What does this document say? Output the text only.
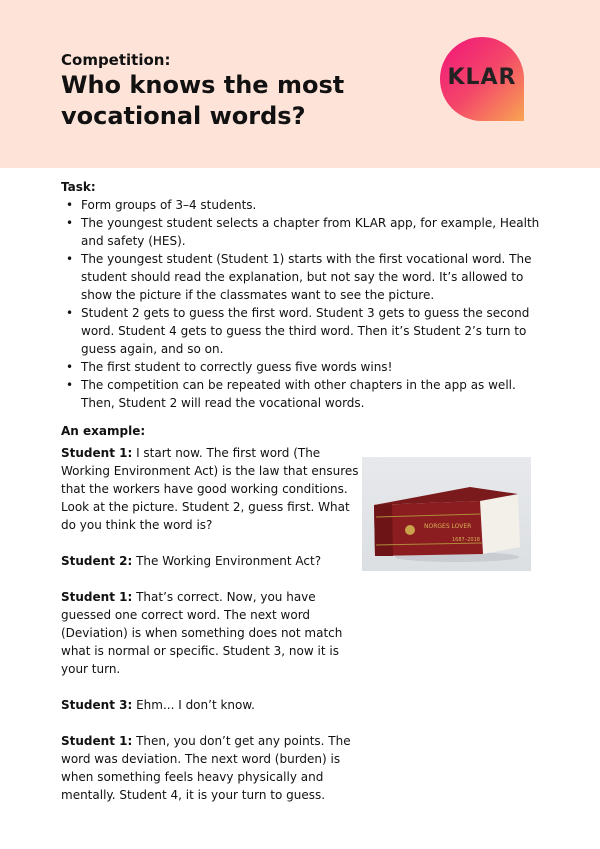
Competition:
Who knows the most vocational words?
KLAR
Task:
• Form groups of 3–4 students.
• The youngest student selects a chapter from KLAR app, for example, Health and safety (HES).
• The youngest student (Student 1) starts with the first vocational word. The student should read the explanation, but not say the word. It’s allowed to show the picture if the classmates want to see the picture.
• Student 2 gets to guess the first word. Student 3 gets to guess the second word. Student 4 gets to guess the third word. Then it’s Student 2’s turn to guess again, and so on.
• The first student to correctly guess five words wins!
• The competition can be repeated with other chapters in the app as well. Then, Student 2 will read the vocational words.
An example:

Student 1: I start now. The first word (The Working Environment Act) is the law that ensures that the workers have good working conditions. Look at the picture. Student 2, guess first. What do you think the word is?

Student 2: The Working Environment Act?

Student 1: That’s correct. Now, you have guessed one correct word. The next word (Deviation) is when something does not match what is normal or specific. Student 3, now it is your turn.

Student 3: Ehm... I don’t know.

Student 1: Then, you don’t get any points. The word was deviation. The next word (burden) is when something feels heavy physically and mentally. Student 4, it is your turn to guess.

NORGES LOVER
1687–2018
